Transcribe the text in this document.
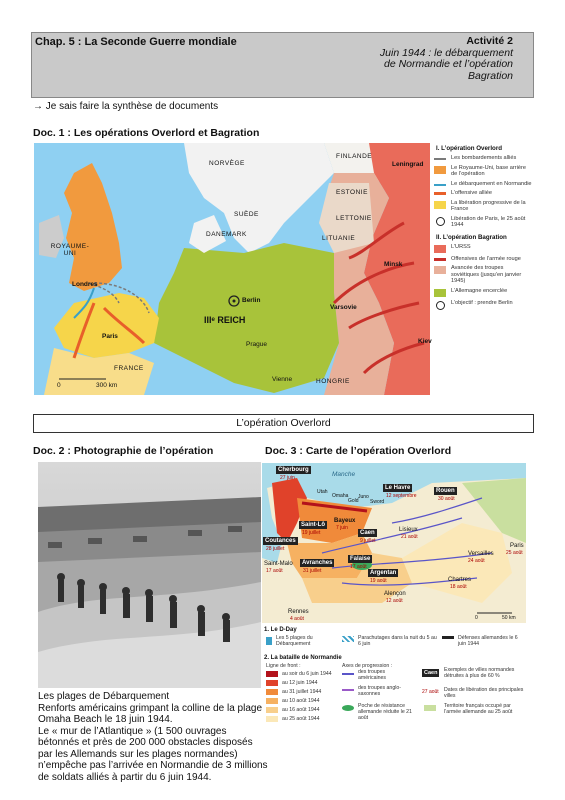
Chap. 5 : La Seconde Guerre mondiale	Activité 2
Juin 1944 : le débarquement de Normandie et l’opération Bagration
→ Je sais faire la synthèse de documents
Doc. 1 : Les opérations Overlord et Bagration
NORVÈGE
FINLANDE
Leningrad
SUÈDE
ESTONIE
DANEMARK
LETTONIE
LITUANIE
ROYAUME-UNI
Londres
Berlin
Minsk
Varsovie
IIIᵉ REICH
Paris
Prague
FRANCE
Kiev
Vienne	HONGRIE
0	300 km
I. L’opération Overlord
Les bombardements alliés
Le Royaume-Uni, base arrière de l’opération
Le débarquement en Normandie
L’offensive alliée
La libération progressive de la France
Libération de Paris, le 25 août 1944
II. L’opération Bagration
L’URSS
Offensives de l’armée rouge
Avancée des troupes soviétiques (jusqu’en janvier 1945)
L’Allemagne encerclée
L’objectif : prendre Berlin
L’opération Overlord
Doc. 2 : Photographie de l’opération

Les plages de Débarquement

Renforts américains grimpant la colline de la plage Omaha Beach le 18 juin 1944.

Le « mur de l’Atlantique » (1 500 ouvrages bétonnés et près de 200 000 obstacles disposés par les Allemands sur les plages normandes) n’empêche pas l’arrivée en Normandie de 3 millions de soldats alliés à partir du 6 juin 1944.

Doc. 3 : Carte de l’opération Overlord
Manche
Cherbourg
27 juin
Utah
Omaha
Gold
Juno
Sword
Le Havre
12 septembre
Rouen
30 août
Saint-Lô
19 juillet
Bayeux
7 juin
Caen
9 juillet
Lisieux
21 août
Coutances
28 juillet
Falaise
17 août
Saint-Malo
17 août
Avranches
31 juillet	Argentan
19 août
Versailles
24 août
Paris
25 août
Chartres
18 août
Alençon
12 août
Rennes
4 août	0	50 km
1. Le D-Day
Les 5 plages du Débarquement
Parachutages dans la nuit du 5 au 6 juin
Défenses allemandes le 6 juin 1944
2. La bataille de Normandie
Ligne de front :
au soir du 6 juin 1944
au 12 juin 1944
au 31 juillet 1944
au 10 août 1944
au 16 août 1944
au 25 août 1944
Axes de progression :
des troupes américaines
des troupes anglo-saxonnes
Poche de résistance allemande réduite le 21 août
Caen	Exemples de villes normandes détruites à plus de 60 %
27 août Dates de libération des principales villes
Territoire français occupé par l’armée allemande au 25 août
